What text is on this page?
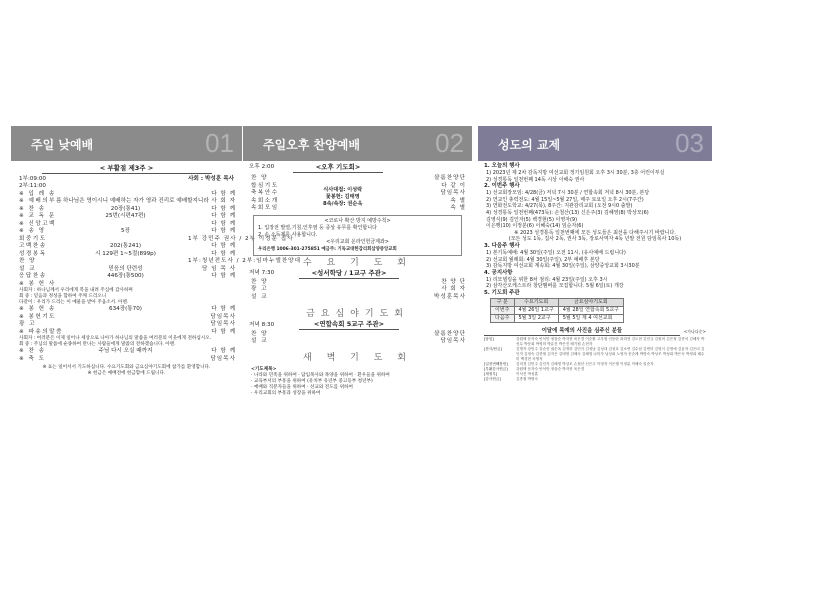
주일 낮예배	01
< 부활절 제3주 >
1부:09:00
2부:11:00
사회 : 박성훈 목사
※ 입 례 송	다 함 께
※ 예배의부름 하나님은 영이시니 예배하는 자가 영과 진리로 예배할지니라 사 회 자
※ 찬 송	20장(통41)	다 함 께
※ 교 독 문	25번(시편47편)	다 함 께
※ 신앙고백	다 함 께
※ 송 영	5장	다 함 께
회중기도	1부 강민주 권사 / 2부 이정분 집사
고백찬송	202(통241)	다 함 께
성경봉독	시 129편 1~5절(899p)	다 함 께
찬 양	1부:청년전도사 / 2부:임마누엘찬양대
설 교	믿음의 단련성	담 임 목 사
응답찬송	446장(통500)	다 함 께
※ 봉 헌 사
사회자 : 하나님께서 우리에게 복을 내려 주심에 감사하며
회 중 : 믿음과 정성을 합하여 주께 드리오니
다같이 : 우리가 드리는 이 예물을 받아 주옵소서. 아멘.
※ 봉 헌 송	634장(통70)	다 함 께
※ 봉헌기도	담임목사
광 고	담임목사
※ 파송의말씀	다 함 께
사회자 : 여러분은 이제 일어나 세상으로 나아가 하나님의 말씀을 여러분의 이웃에게 전하십시오.
회 중 : 주님의 말씀에 순종하여 만나는 사람들에게 말씀의 전하겠습니다. 아멘.
※ 찬 송	주님 다시 오실 때까지	다 함 께
※ 축 도	담임목사
※ 표는 일어서서 기도하십니다. 수요기도회와 금요심야기도회에 참가를 환영합니다.
※ 헌금은 예배전에 헌금함에 드립니다.
주일오후 찬양예배	02
오후 2:00	<오후 기도회>
찬 양	샬롬찬양단
합심기도	다 같 이
축복안수	담임목사
속회소개	속 별
속회모임	속 별
식사대접: 이성락
꽃봉헌: 김태영
8속/속장: 권순옥
<코로나 확산 방지 예방수칙>
1. 입장전 발열,기침,인후염 등 증상 유무를 확인합니다
2. 손 소독제를 사용합니다.
<우리교회 온라인헌금계좌>
우리은행 1006-301-275851 예금주: 기독교대한감리회삼양중앙교회
수 요 기 도 회
저녁 7:30	<성서학당 / 1교구 주관>
찬 양	찬 양 단
광 고	사 회 자
설 교	박성훈목사
금요심야기도회
저녁 8:30	<연합속회 5교구 주관>
찬 양	샬롬찬양단
설 교	담임목사
새 벽 기 도 회
<기도제목>
· 나라와 민족을 위하여 · 담임목사와 목양을 위하여 · 환우들을 위하여
· 교육부서의 부흥을 위하여 (유치부 유년부 중고등부 청년부)
· 예배와 직분자들을 위하여 · 선교와 전도를 위하여
· 우리교회의 부흥과 성장을 위하여
성도의 교제	03
1. 오늘의 행사
1) 2023년 제 2차 감독지방 여선교회 정기임원회 오후 3시 30분, 3층 어린이부실
2) 성경통독 일천번째 14독 시상 이해숙 권사
2. 이번주 행사
1) 선교회장모임: 4/28(금) 저녁 7시 30분 / 연합속회 저녁 8시 30분, 본당
2) 연교인 총력전도: 4월 15일~5월 27일, 매주 토요일 오후 2시(7주간)
3) 연화전도학교: 4/27(목), 8주간: 지관감리교회 (오전 9시0 출발)
4) 성경통독 일천번째(473독): 손철산(13) 신은주(3) 김혜영(8) 박상모(6)
김영식(9) 김인자(5) 백경현(5) 이영자(9)
이은행(10) 이정분(6) 이혜숙(14) 임순자(6)
※ 2023 성경통독 일천번째에 모든 성도들은 최선을 다해주시기 바랍니다.
(모든 성도 1독, 집사 2독, 권사 3독, 장로사역자 4독 년말 전원 담임목사 10독)
3. 다음주 행사
1) 본기독예배: 4월 30일(주일) 오전 11시, (유사예배 드립니다)
2) 선교회 월례회: 4월 30일(주일), 2부 예배후 본당
3) 감독지방 여선교회 계속회: 4월 30일(주일), 삼양중앙교회 3시30분
4. 공지사항
1) 리모델링을 위한 8차 점리: 4월 23일(주일) 오후 3시
2) 삼각산오케스트라 창단맴버를 모집합니다. 5월 6일(토) 개강
5. 기도회 주관
구 분	수요기도회	금요심야기도회
이번주	4월 26일 1교구	4월 28일 연합속회 5교구
다음주	5월 3일 2교구	5월 5일 제 4 여선교회
이달에 목예의 사진을 심주신 분들	<가나다순>
[담임]	강원택 문자숙 안석만 정을순 박자현 육은경 이순환 고우영 인동란 곽하현 김도현 김민규 김원미 김은정 김종석 김혜자 박선무 박문희 박영미 박유진 박은진 배기원 손현자
[찬사/헌금]	김명자 강민주 강순산 권순옥 김귀하 김민식 김성남 김성대 김성호 김소연 김수남 김연미 김영식 김영애 김윤자 김은녀 김인자 김정숙 김종철 김지은 김태영 김혜숙 김혜영 나미자 남상희 노영자 문순례 박명숙 박상모 박성희 박은숙 박정희 배수미 백경현 서명자
[일천번째봉헌]	김미경 김민주 김인자 김혜영 박상모 손철산 신은주 이영자 이은행 이정분 이혜숙 임순자
[부활감사헌금]	강원택 문자숙 안석만 정을순 박자현 육은경
[재정부]	이석진 박성훈
[감사헌금]	김종철 박명숙
